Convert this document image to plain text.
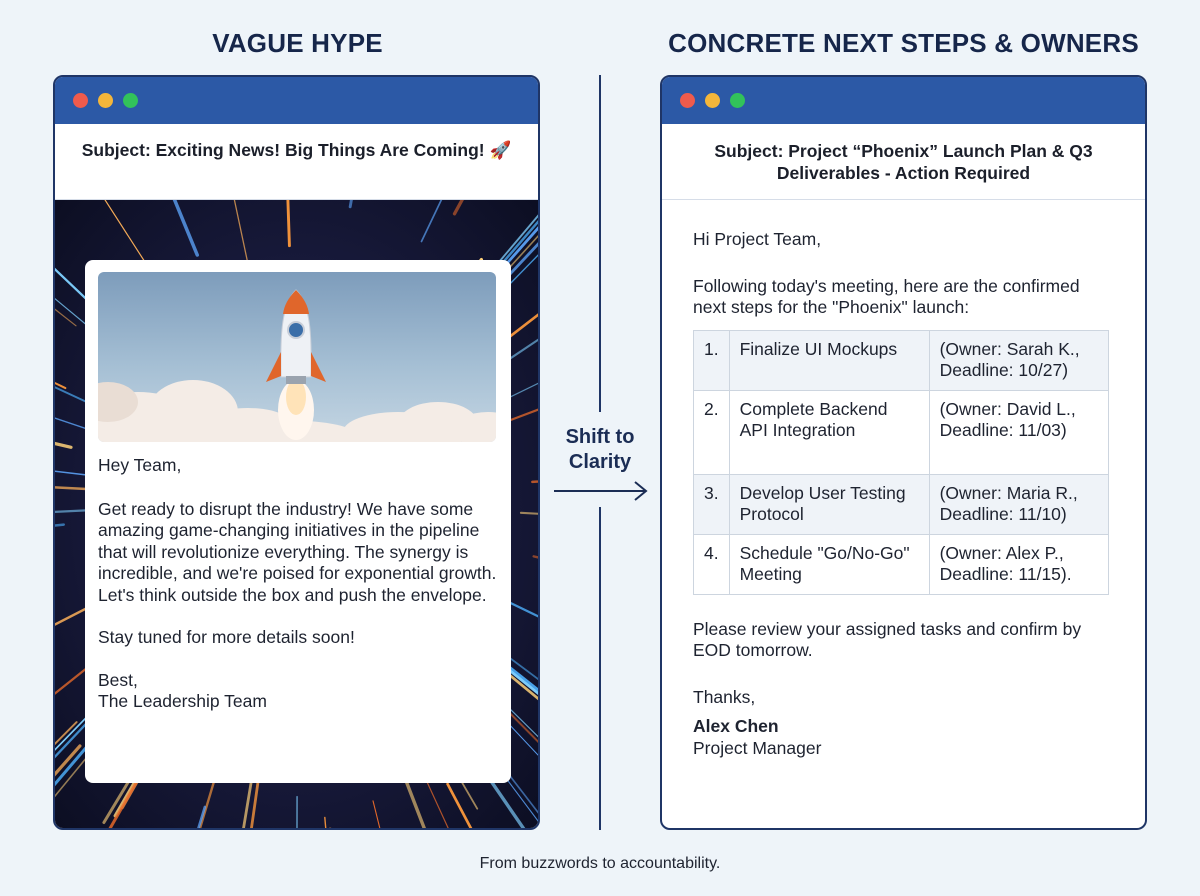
VAGUE HYPE	CONCRETE NEXT STEPS & OWNERS
Subject: Exciting News! Big Things Are Coming! 🚀

Hey Team,

Get ready to disrupt the industry! We have some amazing game-changing initiatives in the pipeline that will revolutionize everything. The synergy is incredible, and we're poised for exponential growth. Let's think outside the box and push the envelope.

Stay tuned for more details soon!

Best,
The Leadership Team
Shift to
Clarity
Subject: Project “Phoenix” Launch Plan & Q3
Deliverables - Action Required

Hi Project Team,

Following today's meeting, here are the confirmed next steps for the "Phoenix" launch:

1.	Finalize UI Mockups	(Owner: Sarah K., Deadline: 10/27)
2.	Complete Backend API Integration	(Owner: David L., Deadline: 11/03)
3.	Develop User Testing Protocol	(Owner: Maria R., Deadline: 11/10)
4.	Schedule "Go/No-Go" Meeting	(Owner: Alex P., Deadline: 11/15).

Please review your assigned tasks and confirm by EOD tomorrow.

Thanks,
Alex Chen
Project Manager
From buzzwords to accountability.
